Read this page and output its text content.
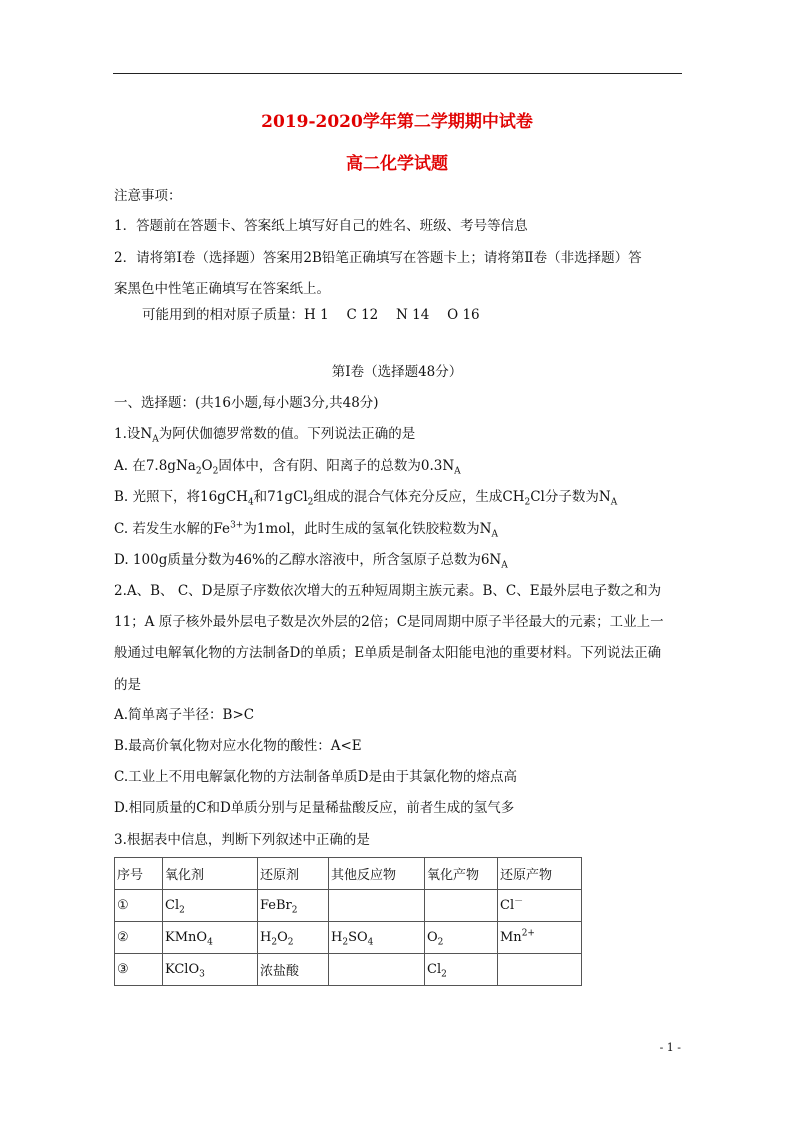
2019-2020学年第二学期期中试卷
高二化学试题
注意事项：
1．答题前在答题卡、答案纸上填写好自己的姓名、班级、考号等信息
2．请将第Ⅰ卷（选择题）答案用2B铅笔正确填写在答题卡上；请将第Ⅱ卷（非选择题）答
案黑色中性笔正确填写在答案纸上。
可能用到的相对原子质量：H 1　 C 12　 N 14　 O 16
第Ⅰ卷（选择题48分）
一、选择题：(共16小题,每小题3分,共48分)
1.设$N_A$为阿伏伽德罗常数的值。下列说法正确的是
A. 在$7.8gNa_2O_2$固体中，含有阴、阳离子的总数为$0.3N_A$
B. 光照下，将16gCH$_4$和71gCl$_2$组成的混合气体充分反应，生成$CH_2Cl$分子数为$N_A$
C. 若发生水解的$Fe^{3+}$为1mol，此时生成的氢氧化铁胶粒数为$N_A$
D. 100g质量分数为46%的乙醇水溶液中，所含氢原子总数为$6N_A$
2.A、B、 C、D是原子序数依次增大的五种短周期主族元素。B、C、E最外层电子数之和为
11；A 原子核外最外层电子数是次外层的2倍；C是同周期中原子半径最大的元素；工业上一
般通过电解氧化物的方法制备D的单质；E单质是制备太阳能电池的重要材料。下列说法正确
的是
A.简单离子半径：B>C
B.最高价氧化物对应水化物的酸性：A<E
C.工业上不用电解氯化物的方法制备单质D是由于其氯化物的熔点高
D.相同质量的C和D单质分别与足量稀盐酸反应，前者生成的氢气多
3.根据表中信息，判断下列叙述中正确的是
序号	氧化剂	还原剂	其他反应物	氧化产物	还原产物
①	$Cl_2$	FeBr$_2$			Cl－
②	KMnO$_4$	$H_2O_2$	$H_2SO_4$	$O_2$	$Mn^{2+}$
③	KClO$_3$	浓盐酸		$Cl_2$	
- 1 -
